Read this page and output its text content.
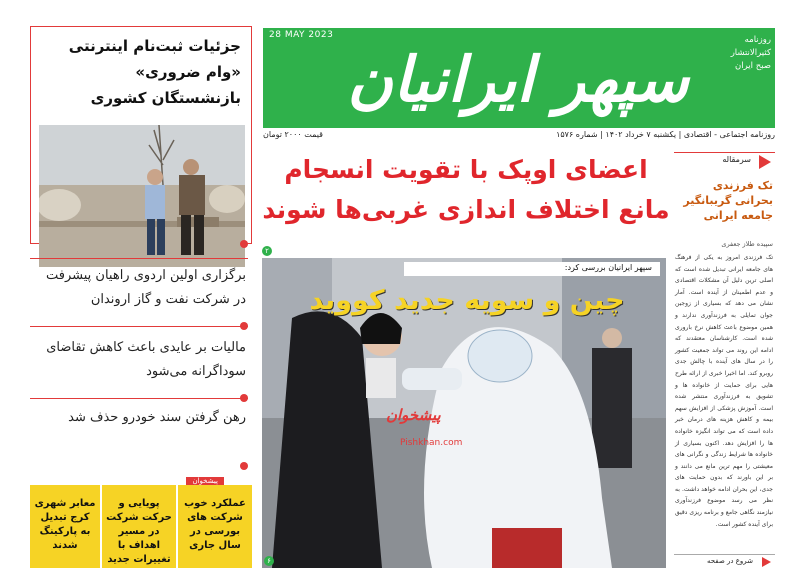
28 MAY 2023
سپهر ایرانیان
روزنامه
کثیرالانتشار
صبح ایران
روزنامه اجتماعی - اقتصادی | یکشنبه ۷ خرداد ۱۴۰۲ | شماره ۱۵۷۶
قیمت ۲۰۰۰ تومان
جزئیات ثبت‌نام اینترنتی «وام ضروری» بازنشستگان کشوری
برگزاری اولین اردوی راهیان پیشرفت در شرکت نفت و گاز اروندان
مالیات بر عایدی باعث کاهش تقاضای سوداگرانه می‌شود
رهن گرفتن سند خودرو حذف شد
پیشخوان
عملکرد خوب شرکت های بورسی در سال جاری
پویایی و حرکت شرکت در مسیر اهداف با تغییرات جدید
معابر شهری کرج تبدیل به پارکینگ شدند
اعضای اوپک با تقویت انسجام مانع اختلاف اندازی غربی‌ها شوند
۲
سپهر ایرانیان بررسی کرد:
چین و سویه جدید کووید
پیشخوان
Pishkhan.com
۶
سرمقاله
تک فرزندی بحرانی گریبانگیر جامعه ایرانی
سپیده طلاز جعفری
تک فرزندی امروز به یکی از فرهنگ های جامعه ایرانی تبدیل شده است که اصلی ترین دلیل آن مشکلات اقتصادی و عدم اطمینان از آینده است. آمار نشان می دهد که بسیاری از زوجین جوان تمایلی به فرزندآوری ندارند و همین موضوع باعث کاهش نرخ باروری شده است. کارشناسان معتقدند که ادامه این روند می تواند جمعیت کشور را در سال های آینده با چالش جدی روبرو کند. اما اخیرا خبری از ارائه طرح هایی برای حمایت از خانواده ها و تشویق به فرزندآوری منتشر شده است. آموزش پزشکی از افزایش سهم بیمه و کاهش هزینه های درمان خبر داده است که می تواند انگیزه خانواده ها را افزایش دهد. اکنون بسیاری از خانواده ها شرایط زندگی و نگرانی های معیشتی را مهم ترین مانع می دانند و بر این باورند که بدون حمایت های جدی، این بحران ادامه خواهد داشت. به نظر می رسد موضوع فرزندآوری نیازمند نگاهی جامع و برنامه ریزی دقیق برای آینده کشور است.
شروع در صفحه
